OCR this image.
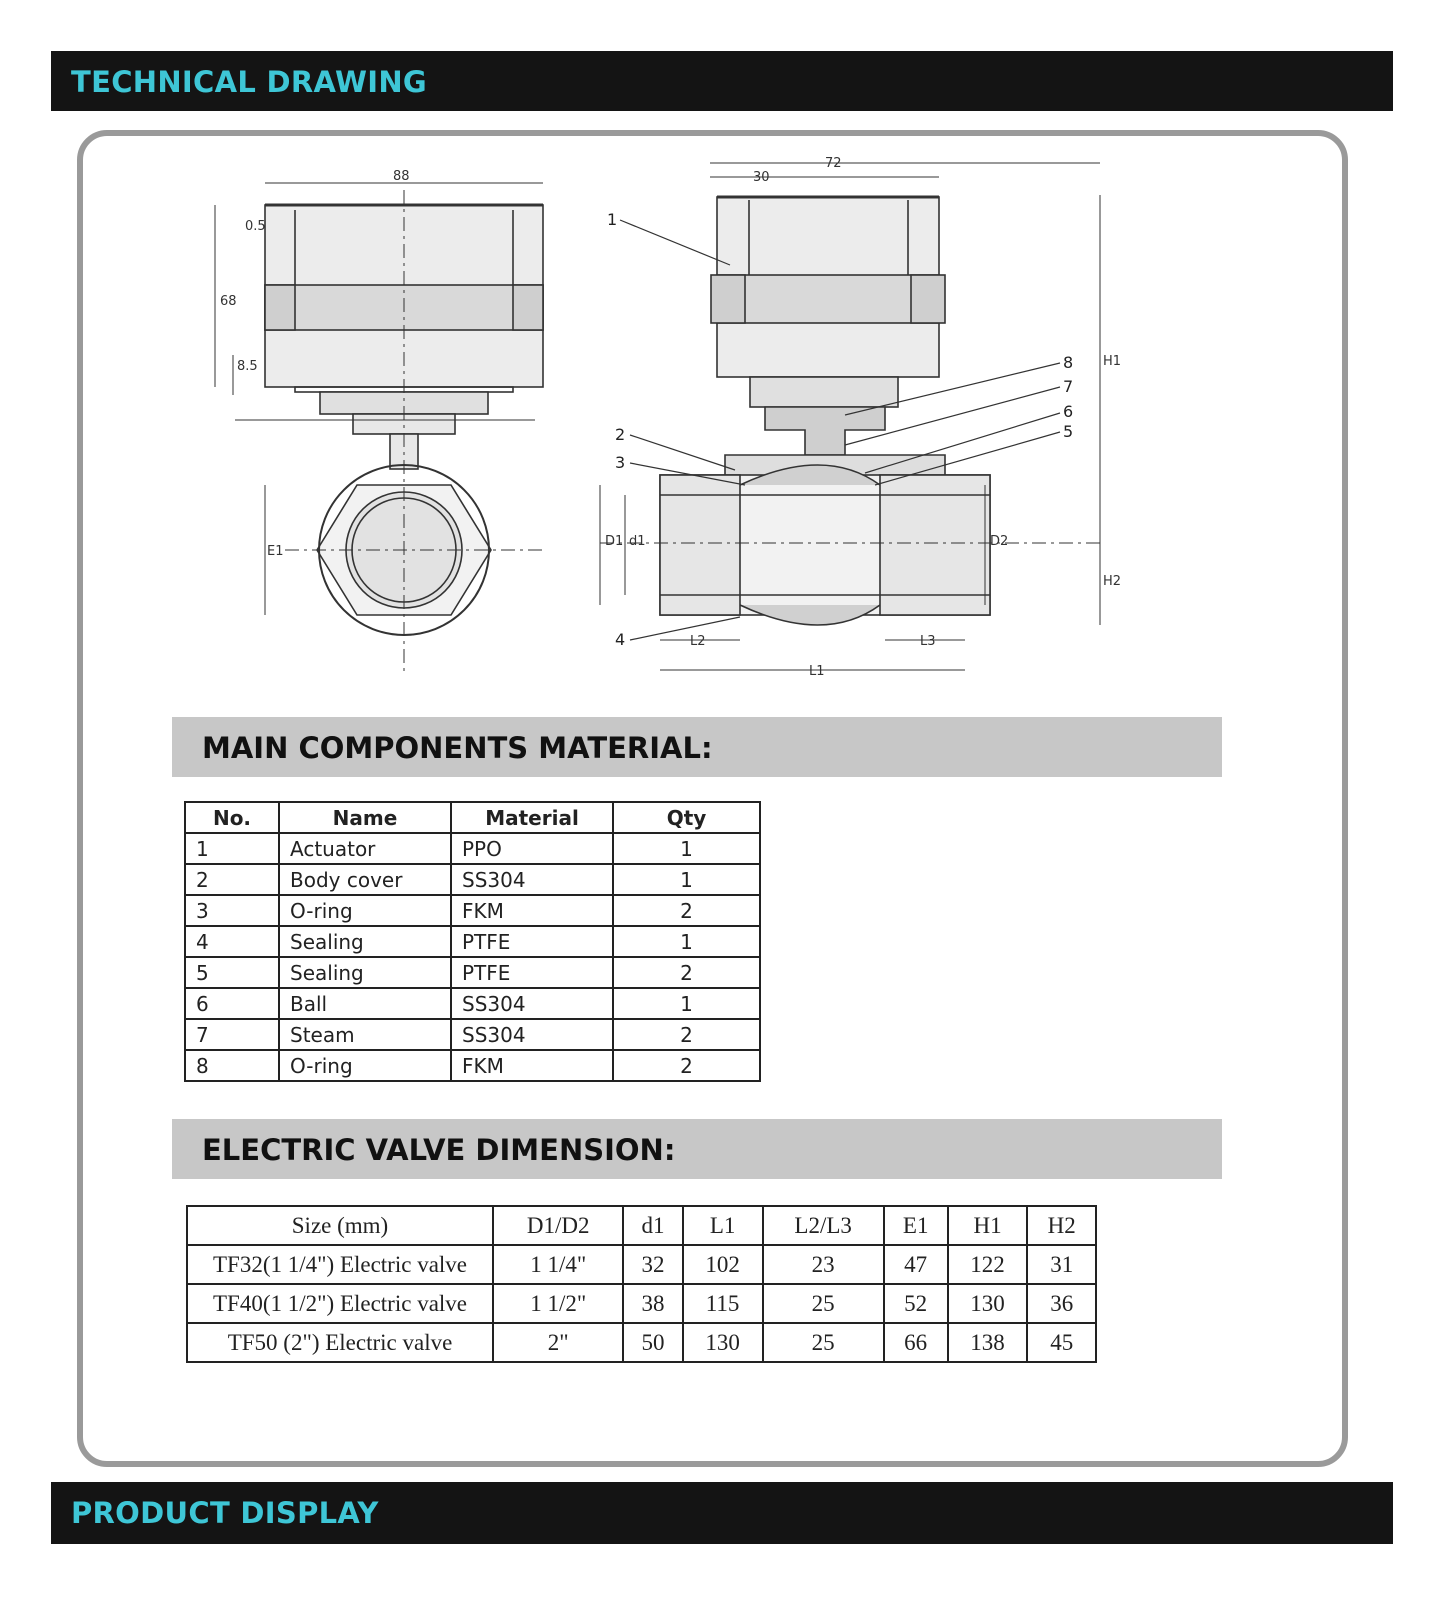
TECHNICAL DRAWING
88
0.5
68
8.5
E1
30
72
H1
H2
D1 d1	D2
L2	L3
L1
1
2
3
4
5
6
7
8
MAIN COMPONENTS MATERIAL:
No.	Name	Material	Qty
1	Actuator	PPO	1
2	Body cover	SS304	1
3	O-ring	FKM	2
4	Sealing	PTFE	1
5	Sealing	PTFE	2
6	Ball	SS304	1
7	Steam	SS304	2
8	O-ring	FKM	2
ELECTRIC VALVE DIMENSION:
Size (mm)	D1/D2	d1	L1	L2/L3	E1	H1	H2
TF32(1 1/4") Electric valve	1 1/4"	32	102	23	47	122	31
TF40(1 1/2") Electric valve	1 1/2"	38	115	25	52	130	36
TF50 (2") Electric valve	2"	50	130	25	66	138	45
PRODUCT DISPLAY
